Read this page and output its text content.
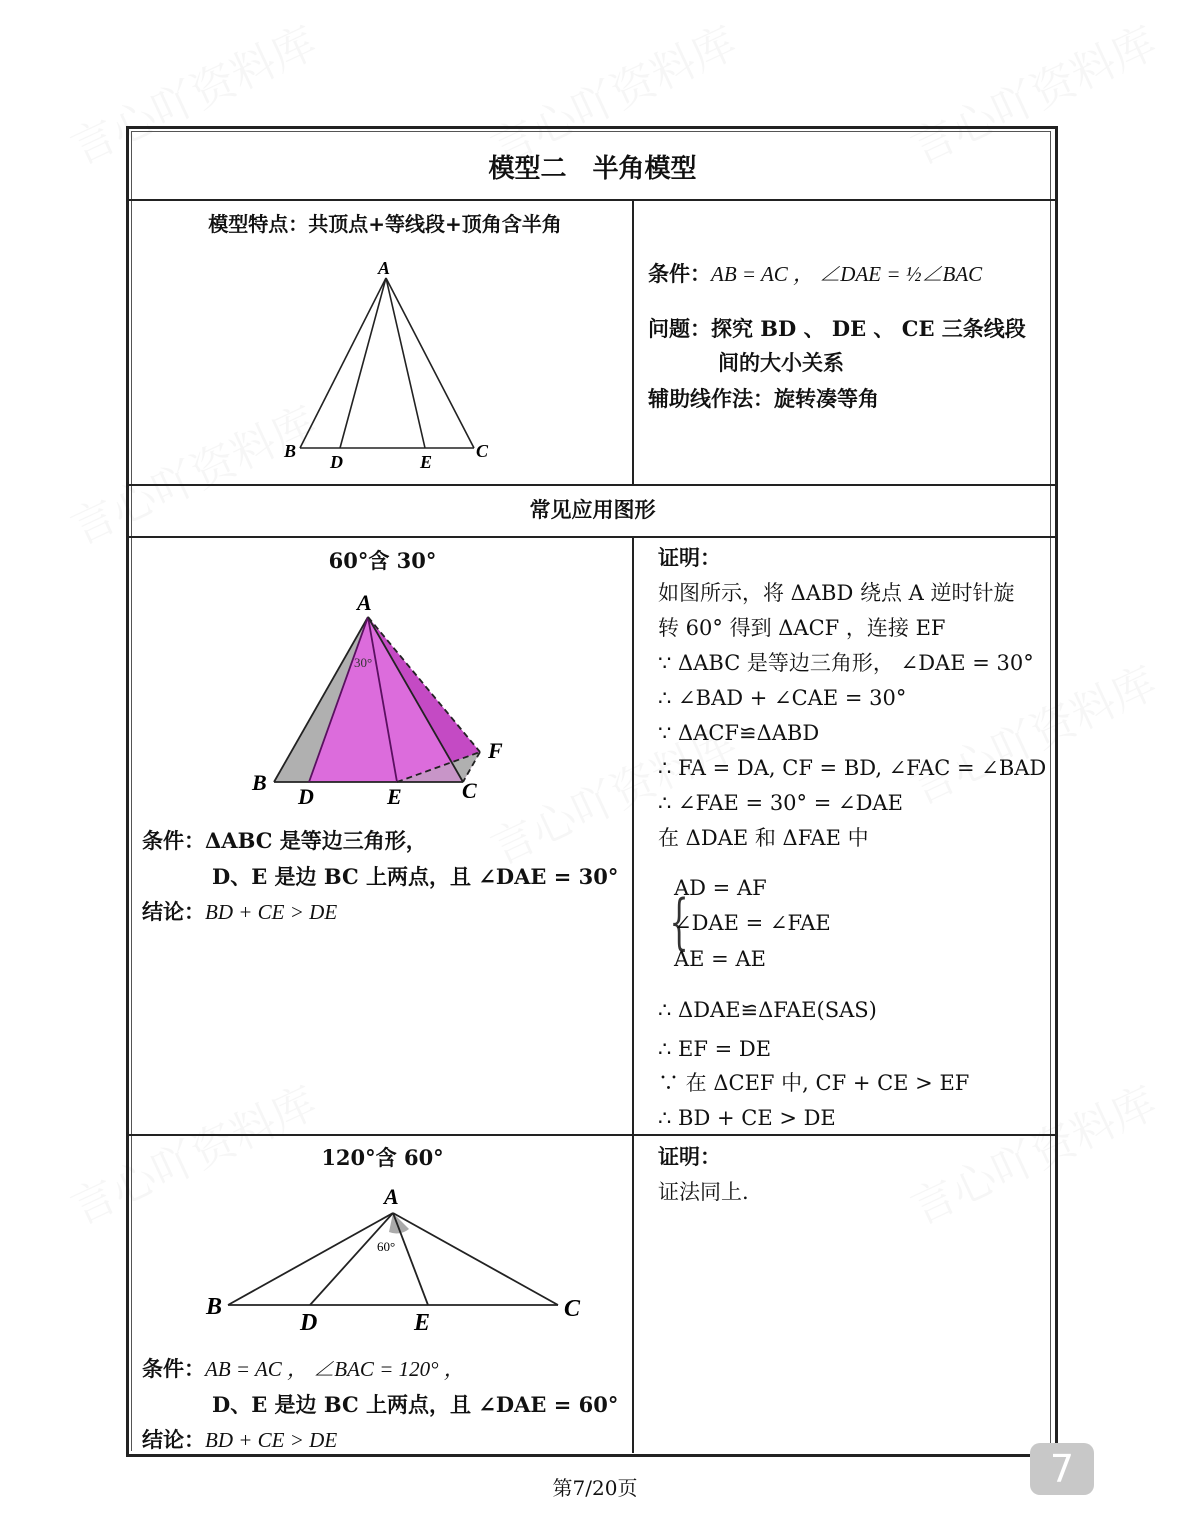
模型二　半角模型
模型特点：共顶点+等线段+顶角含半角
A
B	C
D	E
条件：AB = AC ， ∠DAE = ½∠BAC
问题：探究 BD 、 DE 、 CE 三条线段
间的大小关系
辅助线作法：旋转凑等角
常见应用图形
60°含 30°
A
B	C
D	E
F
30°
条件：ΔABC 是等边三角形，
D、E 是边 BC 上两点，且 ∠DAE = 30°
结论：BD + CE > DE
证明：
如图所示，将 ΔABD 绕点 A 逆时针旋
转 60° 得到 ΔACF ，连接 EF
∵ ΔABC 是等边三角形， ∠DAE = 30°
∴ ∠BAD + ∠CAE = 30°
∵ ΔACF≌ΔABD
∴ FA = DA, CF = BD, ∠FAC = ∠BAD
∴ ∠FAE = 30° = ∠DAE
在 ΔDAE 和 ΔFAE 中
{
AD = AF
∠DAE = ∠FAE
AE = AE
∴ ΔDAE≌ΔFAE(SAS)
∴ EF = DE
∵ 在 ΔCEF 中, CF + CE > EF
∴ BD + CE > DE
120°含 60°
A
B	C
D	E
60°
条件：AB = AC ， ∠BAC = 120° ，
D、E 是边 BC 上两点，且 ∠DAE = 60°
结论：BD + CE > DE
证明：
证法同上.
第7/20页	7
